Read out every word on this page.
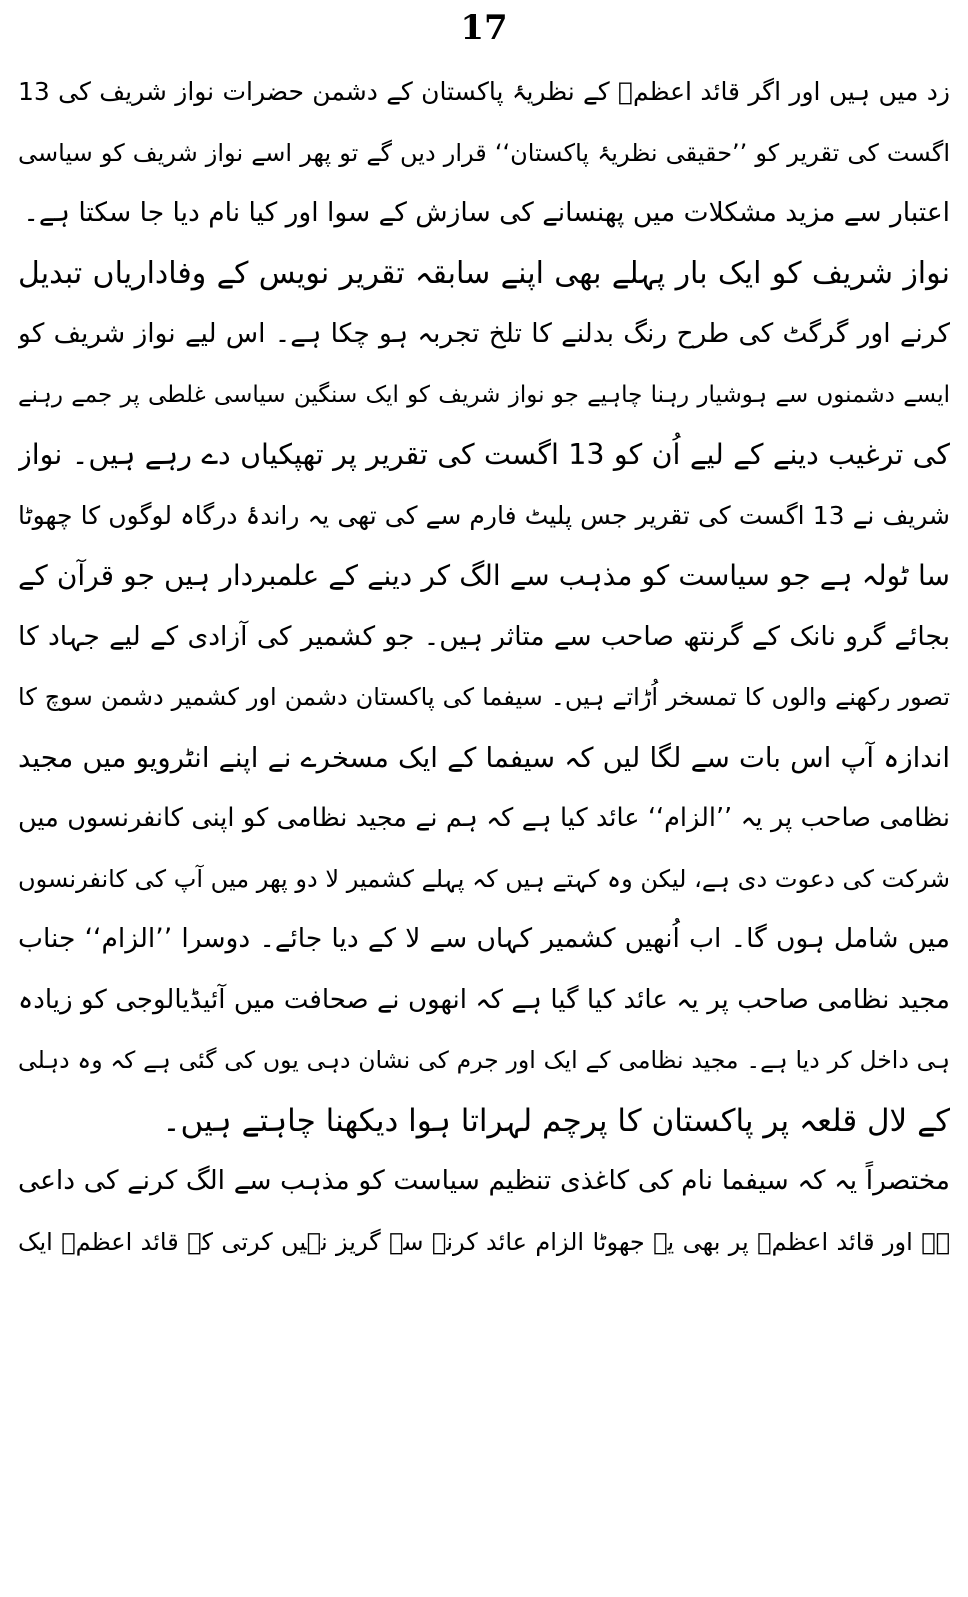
17
زد میں ہیں اور اگر قائد اعظمؒ کے نظریۂ پاکستان کے دشمن حضرات نواز شریف کی 13
اگست کی تقریر کو ’’حقیقی نظریۂ پاکستان‘‘ قرار دیں گے تو پھر اسے نواز شریف کو سیاسی
اعتبار سے مزید مشکلات میں پھنسانے کی سازش کے سوا اور کیا نام دیا جا سکتا ہے۔
نواز شریف کو ایک بار پہلے بھی اپنے سابقہ تقریر نویس کے وفاداریاں تبدیل
کرنے اور گرگٹ کی طرح رنگ بدلنے کا تلخ تجربہ ہو چکا ہے۔ اس لیے نواز شریف کو
ایسے دشمنوں سے ہوشیار رہنا چاہیے جو نواز شریف کو ایک سنگین سیاسی غلطی پر جمے رہنے
کی ترغیب دینے کے لیے اُن کو 13 اگست کی تقریر پر تھپکیاں دے رہے ہیں۔ نواز
شریف نے 13 اگست کی تقریر جس پلیٹ فارم سے کی تھی یہ راندۂ درگاہ لوگوں کا چھوٹا
سا ٹولہ ہے جو سیاست کو مذہب سے الگ کر دینے کے علمبردار ہیں جو قرآن کے
بجائے گرو نانک کے گرنتھ صاحب سے متاثر ہیں۔ جو کشمیر کی آزادی کے لیے جہاد کا
تصور رکھنے والوں کا تمسخر اُڑاتے ہیں۔ سیفما کی پاکستان دشمن اور کشمیر دشمن سوچ کا
اندازہ آپ اس بات سے لگا لیں کہ سیفما کے ایک مسخرے نے اپنے انٹرویو میں مجید
نظامی صاحب پر یہ ’’الزام‘‘ عائد کیا ہے کہ ہم نے مجید نظامی کو اپنی کانفرنسوں میں
شرکت کی دعوت دی ہے، لیکن وہ کہتے ہیں کہ پہلے کشمیر لا دو پھر میں آپ کی کانفرنسوں
میں شامل ہوں گا۔ اب اُنھیں کشمیر کہاں سے لا کے دیا جائے۔ دوسرا ’’الزام‘‘ جناب
مجید نظامی صاحب پر یہ عائد کیا گیا ہے کہ انھوں نے صحافت میں آئیڈیالوجی کو زیادہ
ہی داخل کر دیا ہے۔ مجید نظامی کے ایک اور جرم کی نشان دہی یوں کی گئی ہے کہ وہ دہلی
کے لال قلعہ پر پاکستان کا پرچم لہراتا ہوا دیکھنا چاہتے ہیں۔
مختصراً یہ کہ سیفما نام کی کاغذی تنظیم سیاست کو مذہب سے الگ کرنے کی داعی
ہے اور قائد اعظمؒ پر بھی یہ جھوٹا الزام عائد کرنے سے گریز نہیں کرتی کہ قائد اعظمؒ ایک
